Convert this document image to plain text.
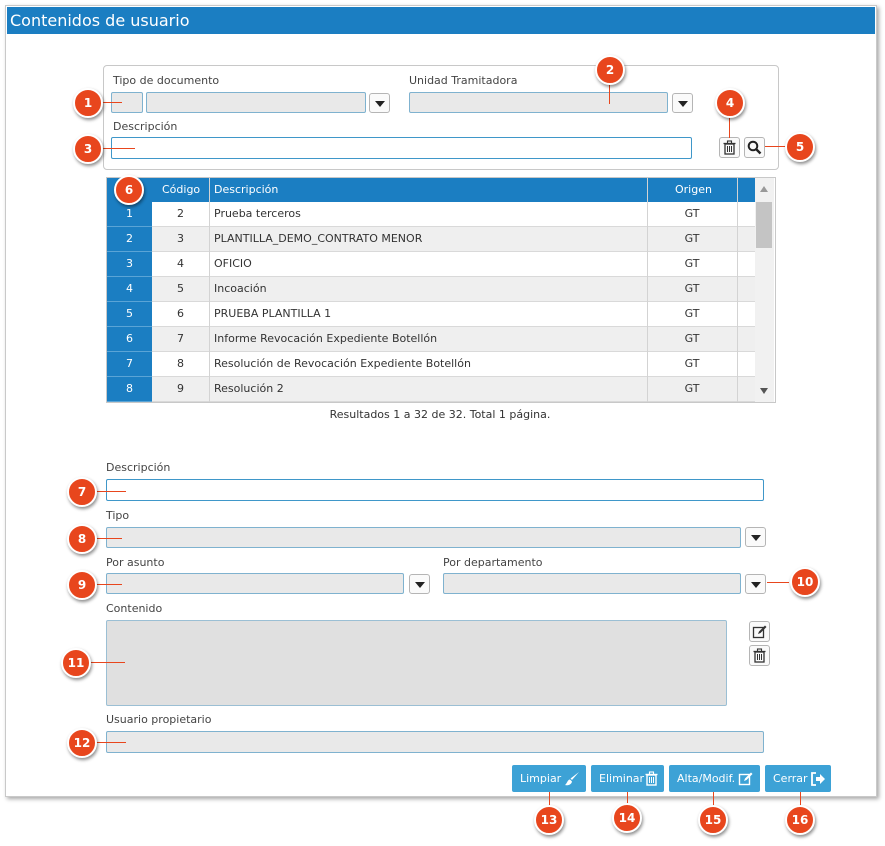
Contenidos de usuario
Tipo de documento	Unidad Tramitadora
Descripción
Código Descripción	Origen
1	2	Prueba terceros	GT
2	3	PLANTILLA_DEMO_CONTRATO MENOR	GT
3	4	OFICIO	GT
4	5	Incoación	GT
5	6	PRUEBA PLANTILLA 1	GT
6	7	Informe Revocación Expediente Botellón	GT
7	8	Resolución de Revocación Expediente Botellón	GT
8	9	Resolución 2	GT
Resultados 1 a 32 de 32. Total 1 página.
Descripción
Tipo
Por asunto	Por departamento
Contenido
Usuario propietario
Limpiar	Eliminar	Alta/Modif.	Cerrar
1
2
3
4
5
6
7
8
9	10
11
12
13	14	15	16
